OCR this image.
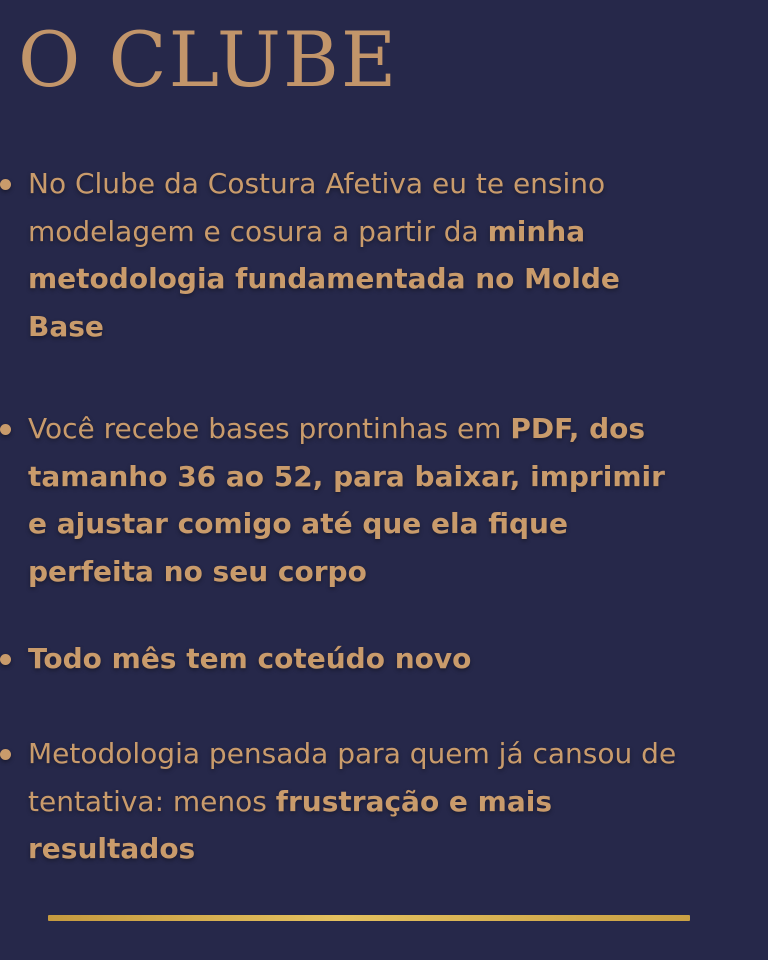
O CLUBE
No Clube da Costura Afetiva eu te ensino modelagem e cosura a partir da minha metodologia fundamentada no Molde Base
Você recebe bases prontinhas em PDF, dos tamanho 36 ao 52, para baixar, imprimir e ajustar comigo até que ela fique perfeita no seu corpo
Todo mês tem coteúdo novo
Metodologia pensada para quem já cansou de tentativa: menos frustração e mais resultados
